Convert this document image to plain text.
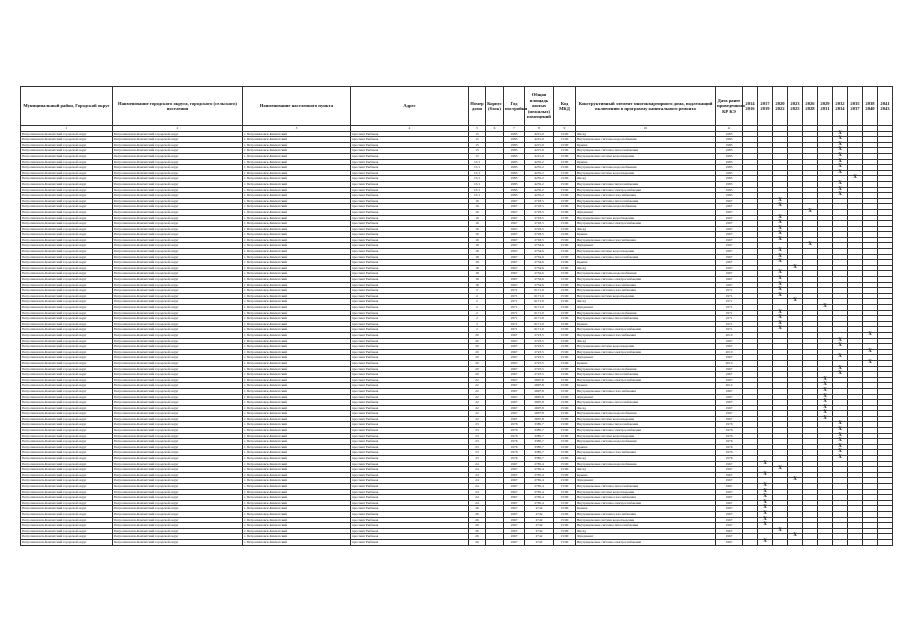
Муниципальный район, Городской округ	Наименование городского округа, городского (сельского) поселения	Наименование населенного пункта	Адрес	Номер дома	Корпус (блок)	Год постройки	Общая площадь жилых (нежилых) помещений	Код МКД	Конструктивный элемент многоквартирного дома, подлежащий включению в программу капитального ремонта	Дата ранее проведенного КР КЭ	2014 2016	2017 2019	2020 2022	2023 2025	2026 2028	2029 2031	2032 2034	2035 2037	2038 2040	2041 2043
1	2	3	4	5	6	7	8	9	10	11										
Петропавловск-Камчатский городской округ	Петропавловск-Камчатский городской округ	г. Петропавловск-Камчатский	проспект Рыбаков	15		1985	4215,9	15:00	Фасад	1985							X			
Петропавловск-Камчатский городской округ	Петропавловск-Камчатский городской округ	г. Петропавловск-Камчатский	проспект Рыбаков	15		1985	4215,9	15:00	Внутридомовые системы водоснабжения	1985							X			
Петропавловск-Камчатский городской округ	Петропавловск-Камчатский городской округ	г. Петропавловск-Камчатский	проспект Рыбаков	15		1985	4215,9	15:00	Крыша	1985							X			
Петропавловск-Камчатский городской округ	Петропавловск-Камчатский городской округ	г. Петропавловск-Камчатский	проспект Рыбаков	15		1985	4215,9	15:00	Внутридомовые системы теплоснабжения	1985							X			
Петропавловск-Камчатский городской округ	Петропавловск-Камчатский городской округ	г. Петропавловск-Камчатский	проспект Рыбаков	15		1985	4215,9	15:00	Внутридомовая система водоотведения	1985							X			
Петропавловск-Камчатский городской округ	Петропавловск-Камчатский городской округ	г. Петропавловск-Камчатский	проспект Рыбаков	15/1		1985	4235,2	15:00	Крыша	1985							X			
Петропавловск-Камчатский городской округ	Петропавловск-Камчатский городской округ	г. Петропавловск-Камчатский	проспект Рыбаков	15/1		1985	4235,2	15:00	Внутридомовые системы водоснабжения	1985							X			
Петропавловск-Камчатский городской округ	Петропавловск-Камчатский городской округ	г. Петропавловск-Камчатский	проспект Рыбаков	15/1		1985	4235,2	15:00	Внутридомовая система водоотведения	1985							X			
Петропавловск-Камчатский городской округ	Петропавловск-Камчатский городской округ	г. Петропавловск-Камчатский	проспект Рыбаков	15/1		1985	4235,2	15:00	Фасад	1985								X		
Петропавловск-Камчатский городской округ	Петропавловск-Камчатский городской округ	г. Петропавловск-Камчатский	проспект Рыбаков	15/1		1985	4235,2	15:00	Внутридомовые системы теплоснабжения	1985							X			
Петропавловск-Камчатский городской округ	Петропавловск-Камчатский городской округ	г. Петропавловск-Камчатский	проспект Рыбаков	15/1		1985	4235,2	15:00	Внутридомовые системы электроснабжения	1985							X			
Петропавловск-Камчатский городской округ	Петропавловск-Камчатский городской округ	г. Петропавловск-Камчатский	проспект Рыбаков	15/1		1985	4235,2	15:00	Внутридомовые системы газоснабжения	1985							X			
Петропавловск-Камчатский городской округ	Петропавловск-Камчатский городской округ	г. Петропавловск-Камчатский	проспект Рыбаков	16		1967	2718,5	15:00	Внутридомовые системы теплоснабжения	1967			X							
Петропавловск-Камчатский городской округ	Петропавловск-Камчатский городской округ	г. Петропавловск-Камчатский	проспект Рыбаков	16		1967	2718,5	15:00	Внутридомовые системы водоснабжения	1967			X							
Петропавловск-Камчатский городской округ	Петропавловск-Камчатский городской округ	г. Петропавловск-Камчатский	проспект Рыбаков	16		1967	2718,5	15:00	Фундамент	1967					X					
Петропавловск-Камчатский городской округ	Петропавловск-Камчатский городской округ	г. Петропавловск-Камчатский	проспект Рыбаков	16		1967	2718,5	15:00	Внутридомовая система водоотведения	1967			X							
Петропавловск-Камчатский городской округ	Петропавловск-Камчатский городской округ	г. Петропавловск-Камчатский	проспект Рыбаков	16		1967	2718,5	15:00	Внутридомовые системы электроснабжения	1967			X							
Петропавловск-Камчатский городской округ	Петропавловск-Камчатский городской округ	г. Петропавловск-Камчатский	проспект Рыбаков	16		1967	2718,5	15:00	Фасад	1967			X							
Петропавловск-Камчатский городской округ	Петропавловск-Камчатский городской округ	г. Петропавловск-Камчатский	проспект Рыбаков	16		1967	2718,5	15:00	Крыша	1967			X							
Петропавловск-Камчатский городской округ	Петропавловск-Камчатский городской округ	г. Петропавловск-Камчатский	проспект Рыбаков	16		1967	2718,5	15:00	Внутридомовые системы газоснабжения	1967			X							
Петропавловск-Камчатский городской округ	Петропавловск-Камчатский городской округ	г. Петропавловск-Камчатский	проспект Рыбаков	18		1967	2734,6	15:00	Фундамент	1967					X					
Петропавловск-Камчатский городской округ	Петропавловск-Камчатский городской округ	г. Петропавловск-Камчатский	проспект Рыбаков	18		1967	2734,6	15:00	Внутридомовая система водоотведения	1967			X							
Петропавловск-Камчатский городской округ	Петропавловск-Камчатский городской округ	г. Петропавловск-Камчатский	проспект Рыбаков	18		1967	2734,6	15:00	Внутридомовые системы теплоснабжения	1967			X							
Петропавловск-Камчатский городской округ	Петропавловск-Камчатский городской округ	г. Петропавловск-Камчатский	проспект Рыбаков	18		1967	2734,6	15:00	Крыша	1967			X							
Петропавловск-Камчатский городской округ	Петропавловск-Камчатский городской округ	г. Петропавловск-Камчатский	проспект Рыбаков	18		1967	2734,6	15:00	Фасад	1967				X						
Петропавловск-Камчатский городской округ	Петропавловск-Камчатский городской округ	г. Петропавловск-Камчатский	проспект Рыбаков	18		1967	2734,6	15:00	Внутридомовые системы водоснабжения	1967			X							
Петропавловск-Камчатский городской округ	Петропавловск-Камчатский городской округ	г. Петропавловск-Камчатский	проспект Рыбаков	18		1967	2734,6	15:00	Внутридомовые системы электроснабжения	1967			X							
Петропавловск-Камчатский городской округ	Петропавловск-Камчатский городской округ	г. Петропавловск-Камчатский	проспект Рыбаков	18		1967	2734,6	15:00	Внутридомовые системы газоснабжения	1967			X							
Петропавловск-Камчатский городской округ	Петропавловск-Камчатский городской округ	г. Петропавловск-Камчатский	проспект Рыбаков	2		1971	6171,9	15:00	Внутридомовые системы газоснабжения	1971			X							
Петропавловск-Камчатский городской округ	Петропавловск-Камчатский городской округ	г. Петропавловск-Камчатский	проспект Рыбаков	2		1971	6171,9	15:00	Внутридомовая система водоотведения	1971			X							
Петропавловск-Камчатский городской округ	Петропавловск-Камчатский городской округ	г. Петропавловск-Камчатский	проспект Рыбаков	2		1971	6171,9	15:00	Фасад	1971				X						
Петропавловск-Камчатский городской округ	Петропавловск-Камчатский городской округ	г. Петропавловск-Камчатский	проспект Рыбаков	2		1971	6171,9	15:00	Фундамент	1971						X				
Петропавловск-Камчатский городской округ	Петропавловск-Камчатский городской округ	г. Петропавловск-Камчатский	проспект Рыбаков	2		1971	6171,9	15:00	Внутридомовые системы водоснабжения	1971			X							
Петропавловск-Камчатский городской округ	Петропавловск-Камчатский городской округ	г. Петропавловск-Камчатский	проспект Рыбаков	2		1971	6171,9	15:00	Внутридомовые системы теплоснабжения	1971			X							
Петропавловск-Камчатский городской округ	Петропавловск-Камчатский городской округ	г. Петропавловск-Камчатский	проспект Рыбаков	2		1971	6171,9	15:00	Крыша	1971			X							
Петропавловск-Камчатский городской округ	Петропавловск-Камчатский городской округ	г. Петропавловск-Камчатский	проспект Рыбаков	2		1971	6171,9	15:00	Внутридомовые системы электроснабжения	1971			X							
Петропавловск-Камчатский городской округ	Петропавловск-Камчатский городской округ	г. Петропавловск-Камчатский	проспект Рыбаков	20		1967	2723,5	15:00	Внутридомовые системы газоснабжения	2010									X	
Петропавловск-Камчатский городской округ	Петропавловск-Камчатский городской округ	г. Петропавловск-Камчатский	проспект Рыбаков	20		1967	2723,5	15:00	Фасад	1967							X			
Петропавловск-Камчатский городской округ	Петропавловск-Камчатский городской округ	г. Петропавловск-Камчатский	проспект Рыбаков	20		1967	2723,5	15:00	Внутридомовая система водоотведения	1967							X			
Петропавловск-Камчатский городской округ	Петропавловск-Камчатский городской округ	г. Петропавловск-Камчатский	проспект Рыбаков	20		1967	2723,5	15:00	Внутридомовые системы электроснабжения	2010									X	
Петропавловск-Камчатский городской округ	Петропавловск-Камчатский городской округ	г. Петропавловск-Камчатский	проспект Рыбаков	20		1967	2723,5	15:00	Фундамент	1967							X			
Петропавловск-Камчатский городской округ	Петропавловск-Камчатский городской округ	г. Петропавловск-Камчатский	проспект Рыбаков	20		1967	2723,5	15:00	Крыша	2010									X	
Петропавловск-Камчатский городской округ	Петропавловск-Камчатский городской округ	г. Петропавловск-Камчатский	проспект Рыбаков	20		1967	2723,5	15:00	Внутридомовые системы водоснабжения	1967							X			
Петропавловск-Камчатский городской округ	Петропавловск-Камчатский городской округ	г. Петропавловск-Камчатский	проспект Рыбаков	20		1967	2723,5	15:00	Внутридомовые системы теплоснабжения	1967							X			
Петропавловск-Камчатский городской округ	Петропавловск-Камчатский городской округ	г. Петропавловск-Камчатский	проспект Рыбаков	22		1967	2697,8	15:00	Внутридомовые системы электроснабжения	1967						X				
Петропавловск-Камчатский городской округ	Петропавловск-Камчатский городской округ	г. Петропавловск-Камчатский	проспект Рыбаков	22		1967	2697,8	15:00	Крыша	2012						X				
Петропавловск-Камчатский городской округ	Петропавловск-Камчатский городской округ	г. Петропавловск-Камчатский	проспект Рыбаков	22		1967	2697,8	15:00	Внутридомовые системы газоснабжения	1967						X				
Петропавловск-Камчатский городской округ	Петропавловск-Камчатский городской округ	г. Петропавловск-Камчатский	проспект Рыбаков	22		1967	2697,8	15:00	Фундамент	1967						X				
Петропавловск-Камчатский городской округ	Петропавловск-Камчатский городской округ	г. Петропавловск-Камчатский	проспект Рыбаков	22		1967	2697,8	15:00	Внутридомовые системы теплоснабжения	1967						X				
Петропавловск-Камчатский городской округ	Петропавловск-Камчатский городской округ	г. Петропавловск-Камчатский	проспект Рыбаков	22		1967	2697,8	15:00	Фасад	1967						X				
Петропавловск-Камчатский городской округ	Петропавловск-Камчатский городской округ	г. Петропавловск-Камчатский	проспект Рыбаков	22		1967	2697,8	15:00	Внутридомовые системы водоснабжения	1967						X				
Петропавловск-Камчатский городской округ	Петропавловск-Камчатский городской округ	г. Петропавловск-Камчатский	проспект Рыбаков	22		1967	2697,8	15:00	Внутридомовая система водоотведения	1967						X				
Петропавловск-Камчатский городской округ	Петропавловск-Камчатский городской округ	г. Петропавловск-Камчатский	проспект Рыбаков	23		1976	3385,7	15:00	Внутридомовые системы теплоснабжения	1976							X			
Петропавловск-Камчатский городской округ	Петропавловск-Камчатский городской округ	г. Петропавловск-Камчатский	проспект Рыбаков	23		1976	3385,7	15:00	Внутридомовые системы электроснабжения	1976							X			
Петропавловск-Камчатский городской округ	Петропавловск-Камчатский городской округ	г. Петропавловск-Камчатский	проспект Рыбаков	23		1976	3385,7	15:00	Внутридомовая система водоотведения	1976							X			
Петропавловск-Камчатский городской округ	Петропавловск-Камчатский городской округ	г. Петропавловск-Камчатский	проспект Рыбаков	23		1976	3385,7	15:00	Внутридомовые системы водоснабжения	1976							X			
Петропавловск-Камчатский городской округ	Петропавловск-Камчатский городской округ	г. Петропавловск-Камчатский	проспект Рыбаков	23		1976	3385,7	15:00	Крыша	1976							X			
Петропавловск-Камчатский городской округ	Петропавловск-Камчатский городской округ	г. Петропавловск-Камчатский	проспект Рыбаков	23		1976	3385,7	15:00	Внутридомовые системы газоснабжения	1976							X			
Петропавловск-Камчатский городской округ	Петропавловск-Камчатский городской округ	г. Петропавловск-Камчатский	проспект Рыбаков	23		1976	3385,7	15:00	Фасад	1976							X			
Петропавловск-Камчатский городской округ	Петропавловск-Камчатский городской округ	г. Петропавловск-Камчатский	проспект Рыбаков	24		1967	2765,4	15:00	Внутридомовые системы водоснабжения	1967		X								
Петропавловск-Камчатский городской округ	Петропавловск-Камчатский городской округ	г. Петропавловск-Камчатский	проспект Рыбаков	24		1967	2765,4	15:00	Фасад	1967			X							
Петропавловск-Камчатский городской округ	Петропавловск-Камчатский городской округ	г. Петропавловск-Камчатский	проспект Рыбаков	24		1967	2765,4	15:00	Крыша	1967		X								
Петропавловск-Камчатский городской округ	Петропавловск-Камчатский городской округ	г. Петропавловск-Камчатский	проспект Рыбаков	24		1967	2765,4	15:00	Фундамент	1967				X						
Петропавловск-Камчатский городской округ	Петропавловск-Камчатский городской округ	г. Петропавловск-Камчатский	проспект Рыбаков	24		1967	2765,4	15:00	Внутридомовые системы теплоснабжения	1967		X								
Петропавловск-Камчатский городской округ	Петропавловск-Камчатский городской округ	г. Петропавловск-Камчатский	проспект Рыбаков	24		1967	2765,4	15:00	Внутридомовая система водоотведения	1967		X								
Петропавловск-Камчатский городской округ	Петропавловск-Камчатский городской округ	г. Петропавловск-Камчатский	проспект Рыбаков	24		1967	2765,4	15:00	Внутридомовые системы газоснабжения	1967		X								
Петропавловск-Камчатский городской округ	Петропавловск-Камчатский городской округ	г. Петропавловск-Камчатский	проспект Рыбаков	24		1967	2765,4	15:00	Внутридомовые системы электроснабжения	1967		X								
Петропавловск-Камчатский городской округ	Петропавловск-Камчатский городской округ	г. Петропавловск-Камчатский	проспект Рыбаков	26		1967	2742	15:00	Крыша	1967		X								
Петропавловск-Камчатский городской округ	Петропавловск-Камчатский городской округ	г. Петропавловск-Камчатский	проспект Рыбаков	26		1967	2742	15:00	Внутридомовые системы газоснабжения	1967		X								
Петропавловск-Камчатский городской округ	Петропавловск-Камчатский городской округ	г. Петропавловск-Камчатский	проспект Рыбаков	26		1967	2742	15:00	Внутридомовая система водоотведения	1967		X								
Петропавловск-Камчатский городской округ	Петропавловск-Камчатский городской округ	г. Петропавловск-Камчатский	проспект Рыбаков	26		1967	2742	15:00	Внутридомовые системы теплоснабжения	1967		X								
Петропавловск-Камчатский городской округ	Петропавловск-Камчатский городской округ	г. Петропавловск-Камчатский	проспект Рыбаков	26		1967	2742	15:00	Фасад	1967			X							
Петропавловск-Камчатский городской округ	Петропавловск-Камчатский городской округ	г. Петропавловск-Камчатский	проспект Рыбаков	26		1967	2742	15:00	Фундамент	1967				X						
Петропавловск-Камчатский городской округ	Петропавловск-Камчатский городской округ	г. Петропавловск-Камчатский	проспект Рыбаков	26		1967	2742	15:00	Внутридомовые системы электроснабжения	1967		X								
